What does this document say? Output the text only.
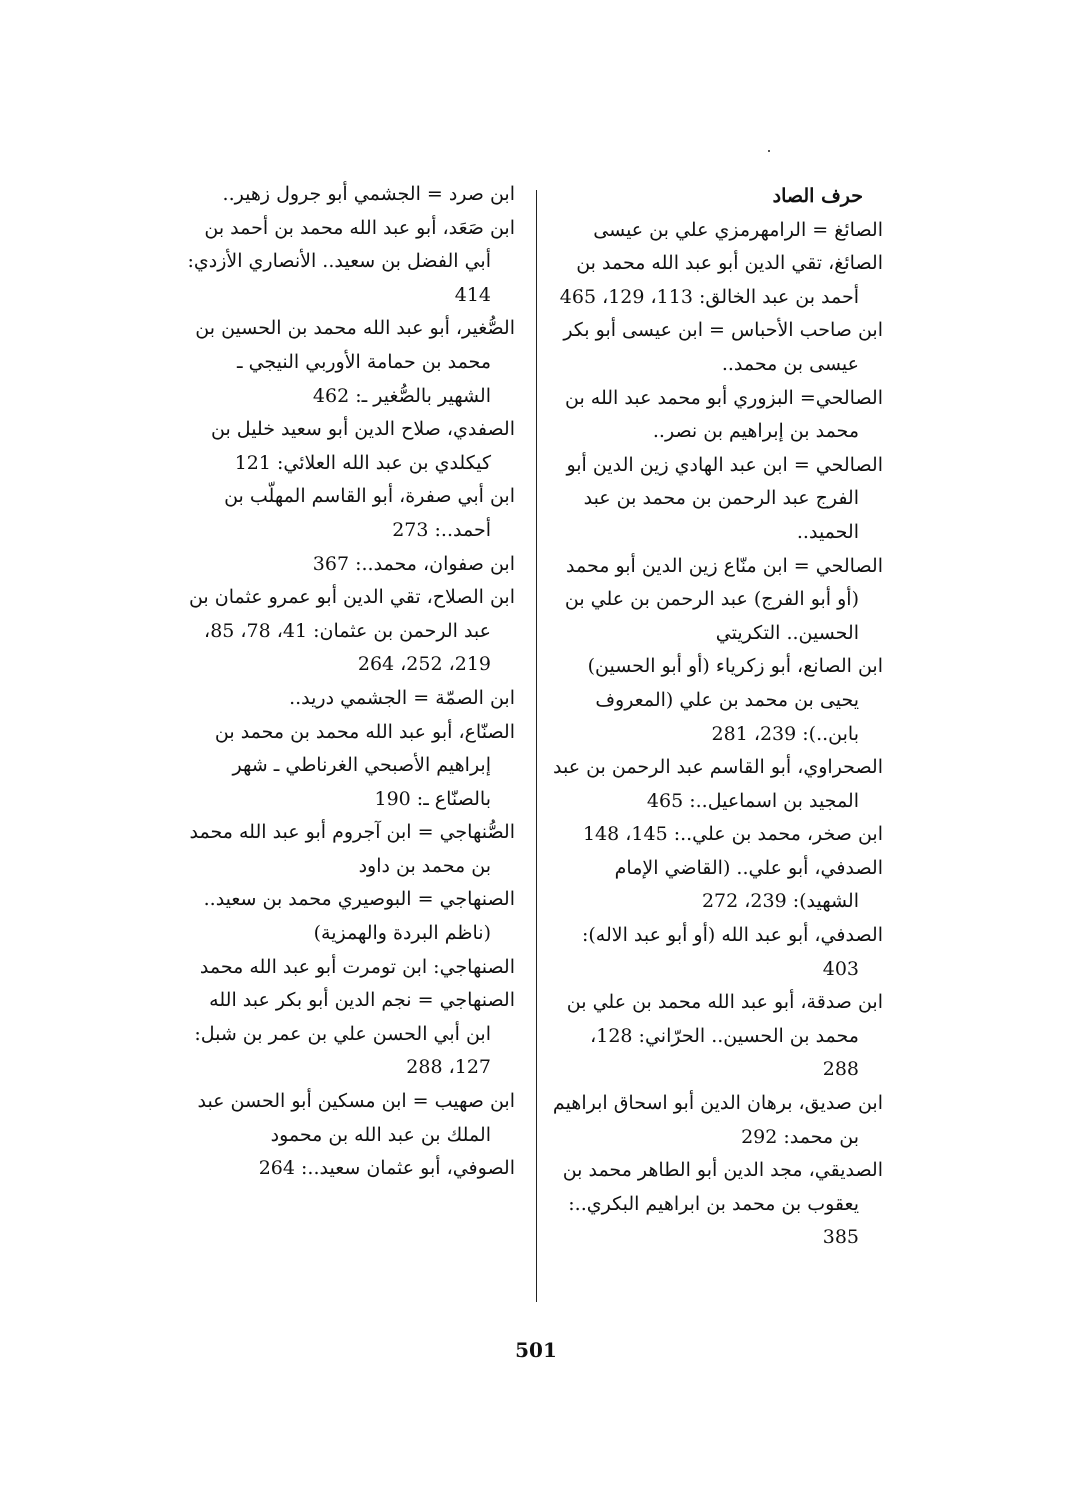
حرف الصاد

الصائغ = الرامهرمزي علي بن عيسى

الصائغ، تقي الدين أبو عبد الله محمد بن أحمد بن عبد الخالق: 113، 129، 465

ابن صاحب الأحباس = ابن عيسى أبو بكر عيسى بن محمد..

الصالحي= البزوري أبو محمد عبد الله بن محمد بن إبراهيم بن نصر..

الصالحي = ابن عبد الهادي زين الدين أبو الفرج عبد الرحمن بن محمد بن عبد الحميد..

الصالحي = ابن منّاع زين الدين أبو محمد (أو أبو الفرج) عبد الرحمن بن علي بن الحسين.. التكريتي

ابن الصانع، أبو زكرياء (أو أبو الحسين) يحيى بن محمد بن علي (المعروف بابن..): 239، 281

الصحراوي، أبو القاسم عبد الرحمن بن عبد المجيد بن اسماعيل..: 465

ابن صخر، محمد بن علي..: 145، 148

الصدفي، أبو علي.. (القاضي الإمام الشهيد): 239، 272

الصدفي، أبو عبد الله (أو أبو عبد الاله): 403

ابن صدقة، أبو عبد الله محمد بن علي بن محمد بن الحسين.. الحرّاني: 128، 288

ابن صديق، برهان الدين أبو اسحاق ابراهيم بن محمد: 292

الصديقي، مجد الدين أبو الطاهر محمد بن يعقوب بن محمد بن ابراهيم البكري..: 385

ابن صرد = الجشمي أبو جرول زهير..

ابن صَعَد، أبو عبد الله محمد بن أحمد بن أبي الفضل بن سعيد.. الأنصاري الأزدي: 414

الصُّغير، أبو عبد الله محمد بن الحسين بن محمد بن حمامة الأوربي النيجي ـ الشهير بالصُّغير ـ: 462

الصفدي، صلاح الدين أبو سعيد خليل بن كيكلدي بن عبد الله العلائي: 121

ابن أبي صفرة، أبو القاسم المهلّب بن أحمد..: 273

ابن صفوان، محمد..: 367

ابن الصلاح، تقي الدين أبو عمرو عثمان بن عبد الرحمن بن عثمان: 41، 78، 85، 219، 252، 264

ابن الصمّة = الجشمي دريد..

الصنّاع، أبو عبد الله محمد بن محمد بن إبراهيم الأصبحي الغرناطي ـ شهر بالصنّاع ـ: 190

الصُّنهاجي = ابن آجروم أبو عبد الله محمد بن محمد بن داود

الصنهاجي = البوصيري محمد بن سعيد.. (ناظم البردة والهمزية)

الصنهاجي: ابن تومرت أبو عبد الله محمد

الصنهاجي = نجم الدين أبو بكر عبد الله ابن أبي الحسن علي بن عمر بن شبل: 127، 288

ابن صهيب = ابن مسكين أبو الحسن عبد الملك بن عبد الله بن محمود

الصوفي، أبو عثمان سعيد..: 264

501
